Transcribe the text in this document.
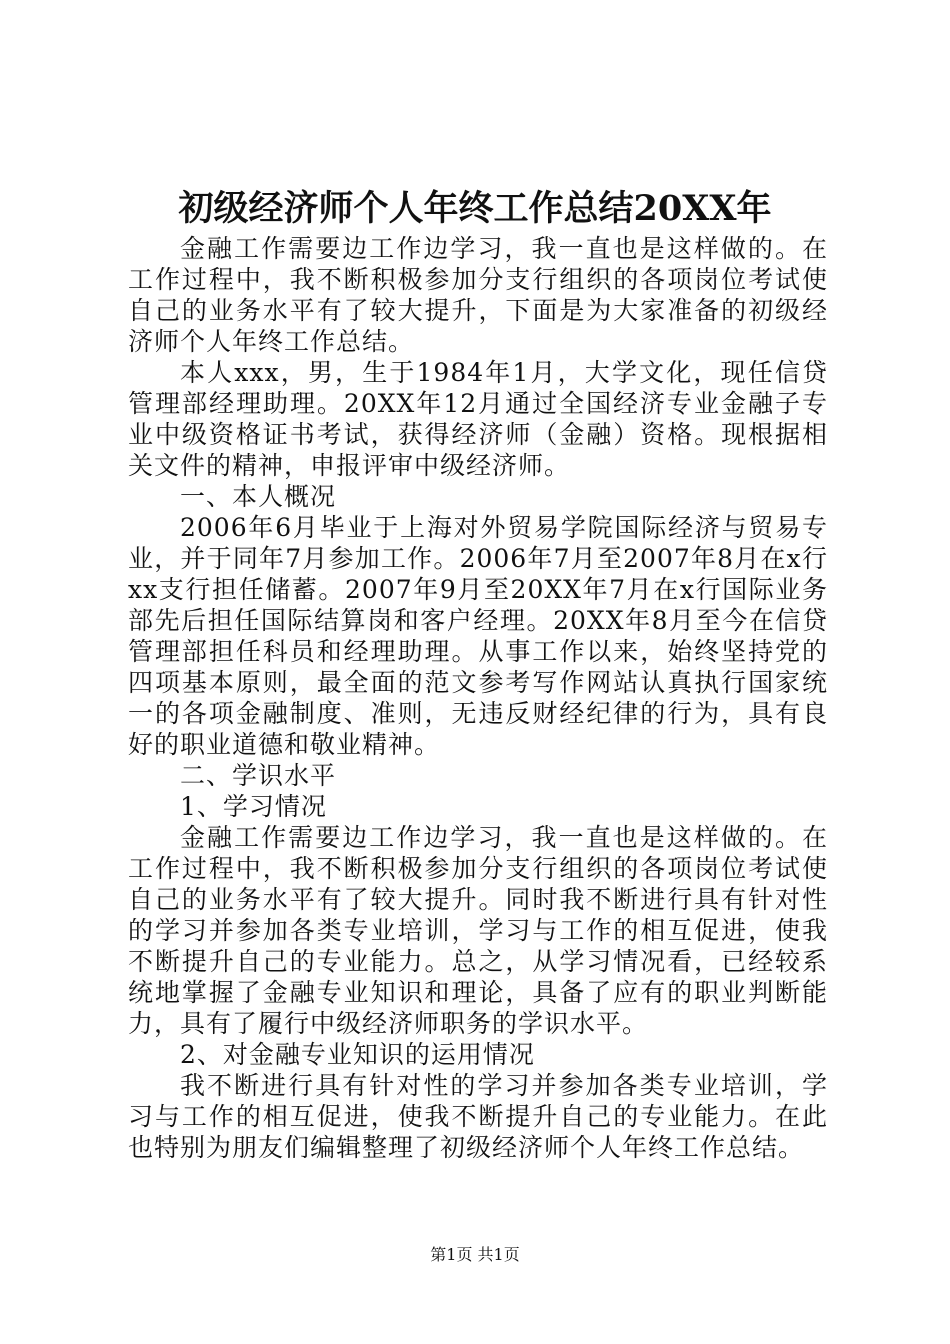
初级经济师个人年终工作总结20XX年

金融工作需要边工作边学习，我一直也是这样做的。在工作过程中，我不断积极参加分支行组织的各项岗位考试使自己的业务水平有了较大提升，下面是为大家准备的初级经济师个人年终工作总结。

本人xxx，男，生于1984年1月，大学文化，现任信贷管理部经理助理。20XX年12月通过全国经济专业金融子专业中级资格证书考试，获得经济师（金融）资格。现根据相关文件的精神，申报评审中级经济师。

一、本人概况

2006年6月毕业于上海对外贸易学院国际经济与贸易专业，并于同年7月参加工作。2006年7月至2007年8月在x行xx支行担任储蓄。2007年9月至20XX年7月在x行国际业务部先后担任国际结算岗和客户经理。20XX年8月至今在信贷管理部担任科员和经理助理。从事工作以来，始终坚持党的四项基本原则，最全面的范文参考写作网站认真执行国家统一的各项金融制度、准则，无违反财经纪律的行为，具有良好的职业道德和敬业精神。

二、学识水平

1、学习情况

金融工作需要边工作边学习，我一直也是这样做的。在工作过程中，我不断积极参加分支行组织的各项岗位考试使自己的业务水平有了较大提升。同时我不断进行具有针对性的学习并参加各类专业培训，学习与工作的相互促进，使我不断提升自己的专业能力。总之，从学习情况看，已经较系统地掌握了金融专业知识和理论，具备了应有的职业判断能力，具有了履行中级经济师职务的学识水平。

2、对金融专业知识的运用情况

我不断进行具有针对性的学习并参加各类专业培训，学习与工作的相互促进，使我不断提升自己的专业能力。在此也特别为朋友们编辑整理了初级经济师个人年终工作总结。

第1页 共1页
